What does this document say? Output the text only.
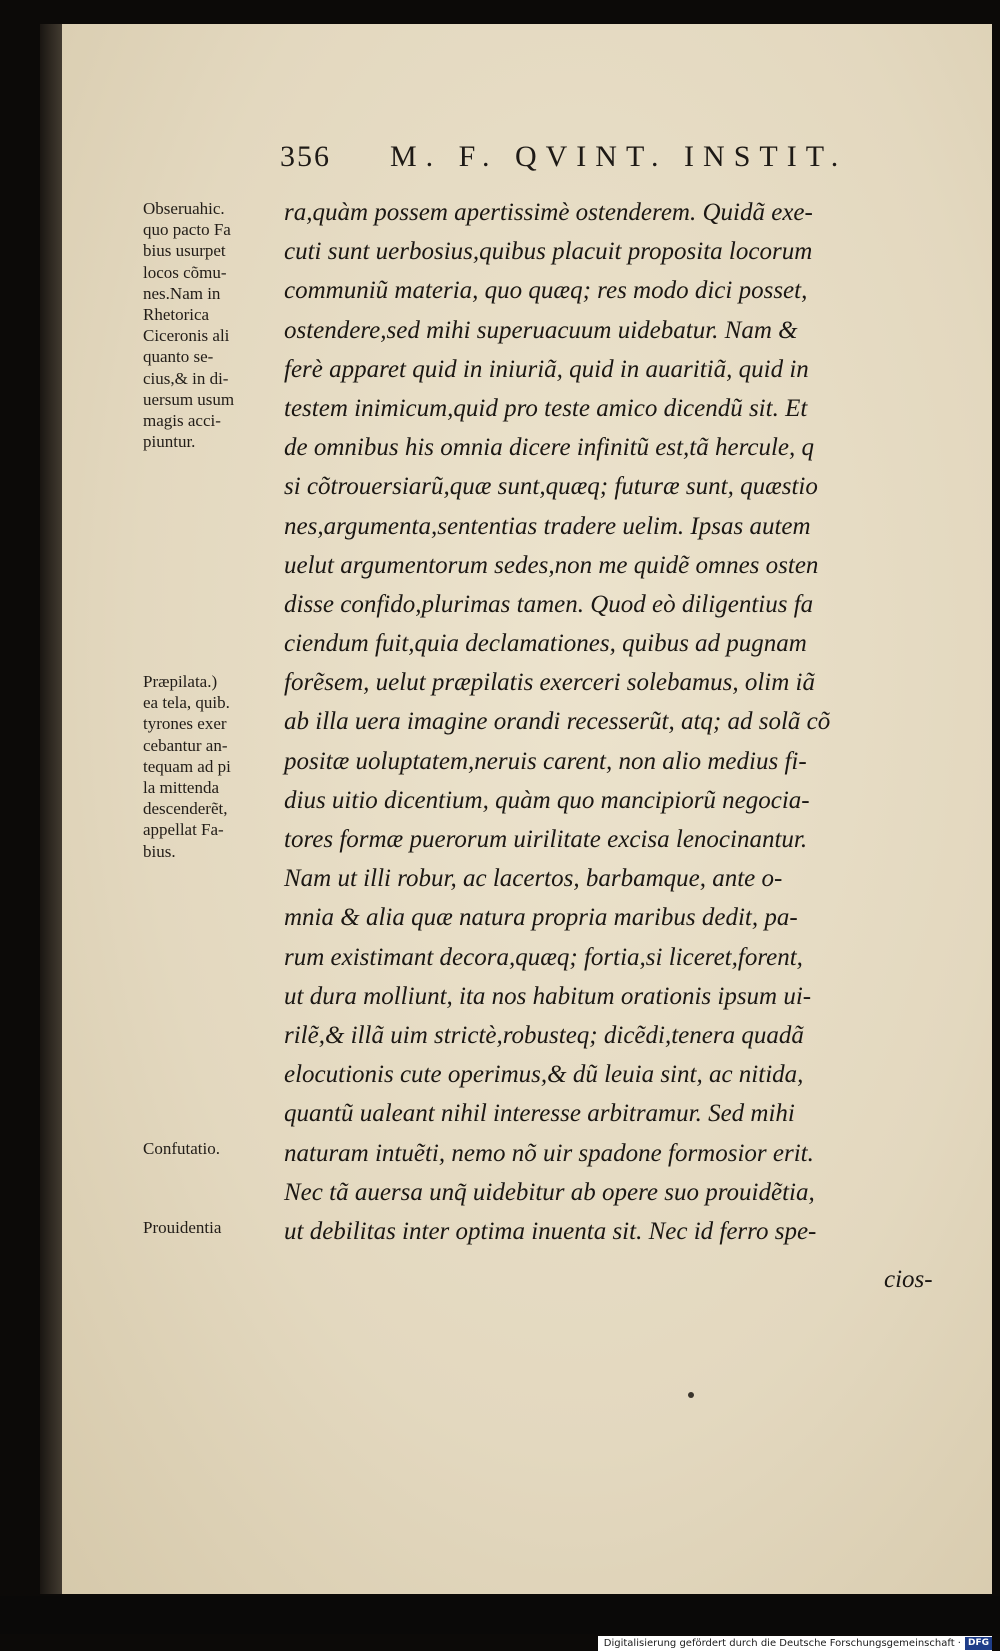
356 M. F. QVINT. INSTIT.
ra,quàm possem apertissimè ostenderem. Quidã exe-
cuti sunt uerbosius,quibus placuit proposita locorum
communiũ materia, quo quæq; res modo dici posset,
ostendere,sed mihi superuacuum uidebatur. Nam &
ferè apparet quid in iniuriã, quid in auaritiã, quid in
testem inimicum,quid pro teste amico dicendũ sit. Et
de omnibus his omnia dicere infinitũ est,tã hercule, q
si cõtrouersiarũ,quæ sunt,quæq; futuræ sunt, quæstio
nes,argumenta,sententias tradere uelim. Ipsas autem
uelut argumentorum sedes,non me quidẽ omnes osten
disse confido,plurimas tamen. Quod eò diligentius fa
ciendum fuit,quia declamationes, quibus ad pugnam
forẽsem, uelut præpilatis exerceri solebamus, olim iã
ab illa uera imagine orandi recesserũt, atq; ad solã cõ
positæ uoluptatem,neruis carent, non alio medius fi-
dius uitio dicentium, quàm quo mancipiorũ negocia-
tores formæ puerorum uirilitate excisa lenocinantur.
Nam ut illi robur, ac lacertos, barbamque, ante o-
mnia & alia quæ natura propria maribus dedit, pa-
rum existimant decora,quæq; fortia,si liceret,forent,
ut dura molliunt, ita nos habitum orationis ipsum ui-
rilẽ,& illã uim strictè,robusteq; dicẽdi,tenera quadã
elocutionis cute operimus,& dũ leuia sint, ac nitida,
quantũ ualeant nihil interesse arbitramur. Sed mihi
naturam intuẽti, nemo nõ uir spadone formosior erit.
Nec tã auersa unq̃ uidebitur ab opere suo prouidẽtia,
ut debilitas inter optima inuenta sit. Nec id ferro spe-
cios-
Obseruahic.
quo pacto Fa
bius usurpet
locos cõmu-
nes.Nam in
Rhetorica
Ciceronis ali
quanto se-
cius,& in di-
uersum usum
magis acci-
piuntur.
Præpilata.)
ea tela, quib.
tyrones exer
cebantur an-
tequam ad pi
la mittenda
descenderẽt,
appellat Fa-
bius.
Confutatio.
Prouidentia
Digitalisierung gefördert durch die Deutsche Forschungsgemeinschaft · DFG
